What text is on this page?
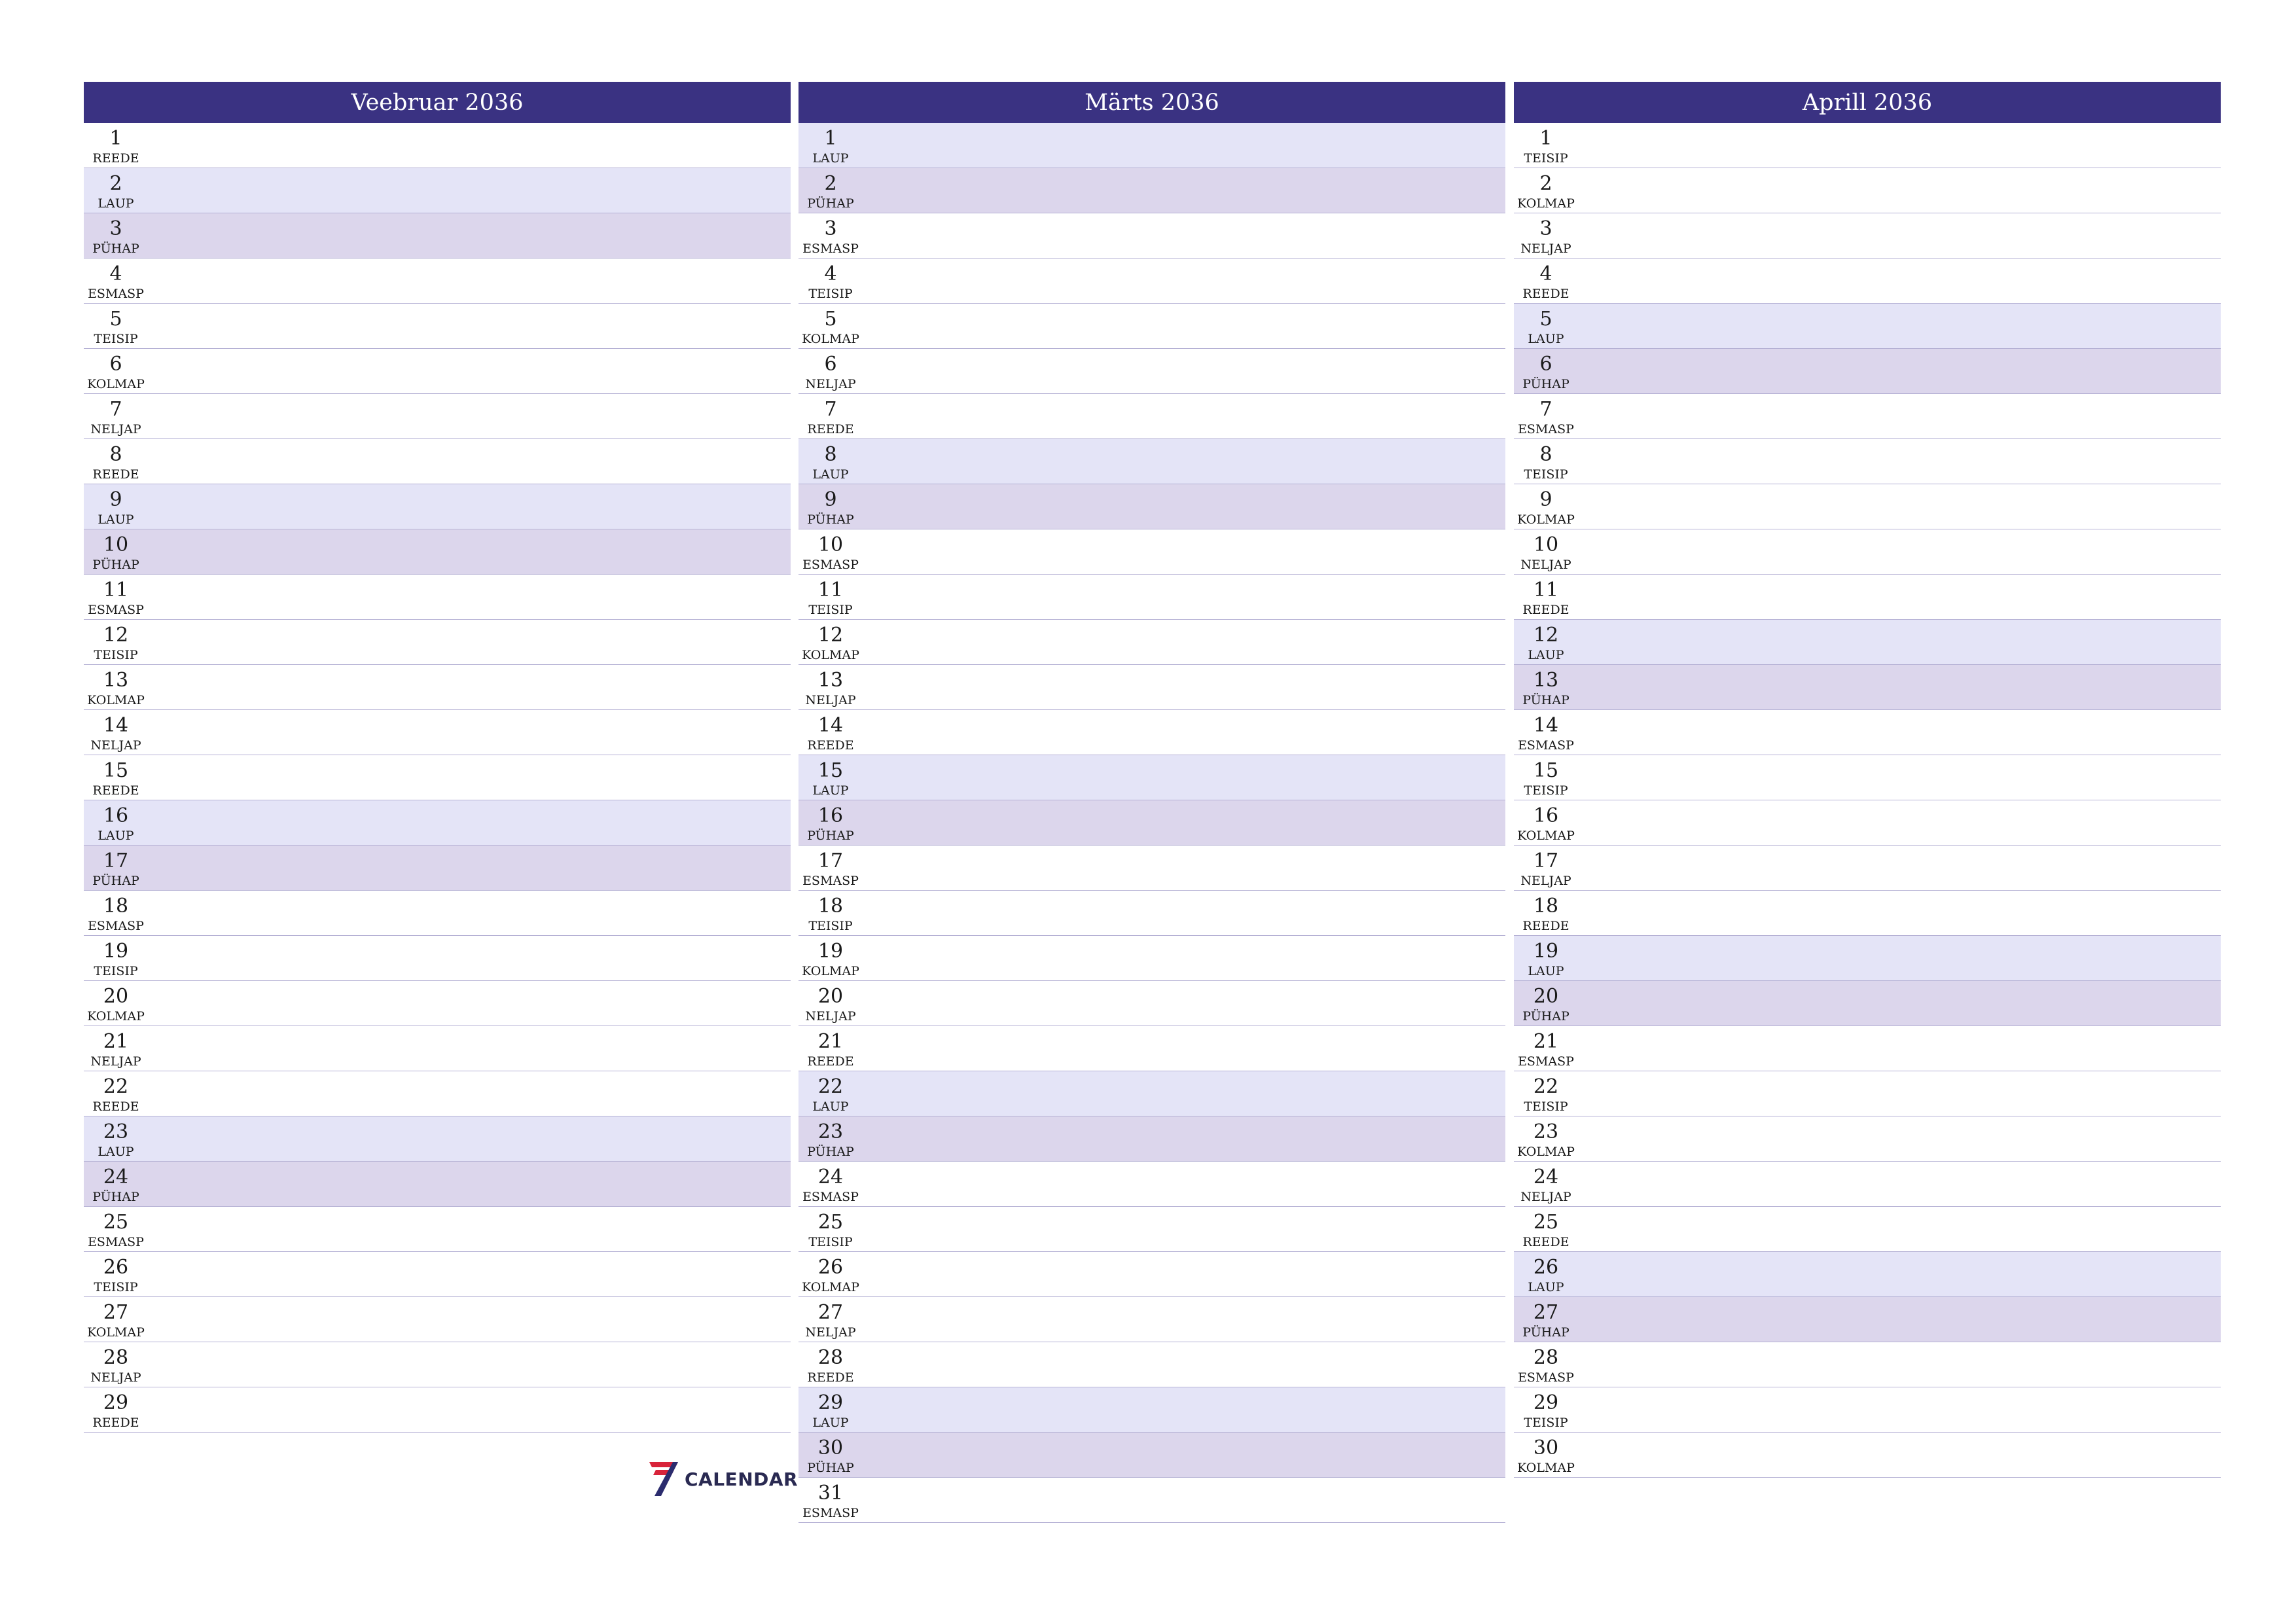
Veebruar 2036
1
REEDE
2
LAUP
3
PÜHAP
4
ESMASP
5
TEISIP
6
KOLMAP
7
NELJAP
8
REEDE
9
LAUP
10
PÜHAP
11
ESMASP
12
TEISIP
13
KOLMAP
14
NELJAP
15
REEDE
16
LAUP
17
PÜHAP
18
ESMASP
19
TEISIP
20
KOLMAP
21
NELJAP
22
REEDE
23
LAUP
24
PÜHAP
25
ESMASP
26
TEISIP
27
KOLMAP
28
NELJAP
29
REEDE
Märts 2036
1
LAUP
2
PÜHAP
3
ESMASP
4
TEISIP
5
KOLMAP
6
NELJAP
7
REEDE
8
LAUP
9
PÜHAP
10
ESMASP
11
TEISIP
12
KOLMAP
13
NELJAP
14
REEDE
15
LAUP
16
PÜHAP
17
ESMASP
18
TEISIP
19
KOLMAP
20
NELJAP
21
REEDE
22
LAUP
23
PÜHAP
24
ESMASP
25
TEISIP
26
KOLMAP
27
NELJAP
28
REEDE
29
LAUP
30
PÜHAP
31
ESMASP
Aprill 2036
1
TEISIP
2
KOLMAP
3
NELJAP
4
REEDE
5
LAUP
6
PÜHAP
7
ESMASP
8
TEISIP
9
KOLMAP
10
NELJAP
11
REEDE
12
LAUP
13
PÜHAP
14
ESMASP
15
TEISIP
16
KOLMAP
17
NELJAP
18
REEDE
19
LAUP
20
PÜHAP
21
ESMASP
22
TEISIP
23
KOLMAP
24
NELJAP
25
REEDE
26
LAUP
27
PÜHAP
28
ESMASP
29
TEISIP
30
KOLMAP
CALENDAR
